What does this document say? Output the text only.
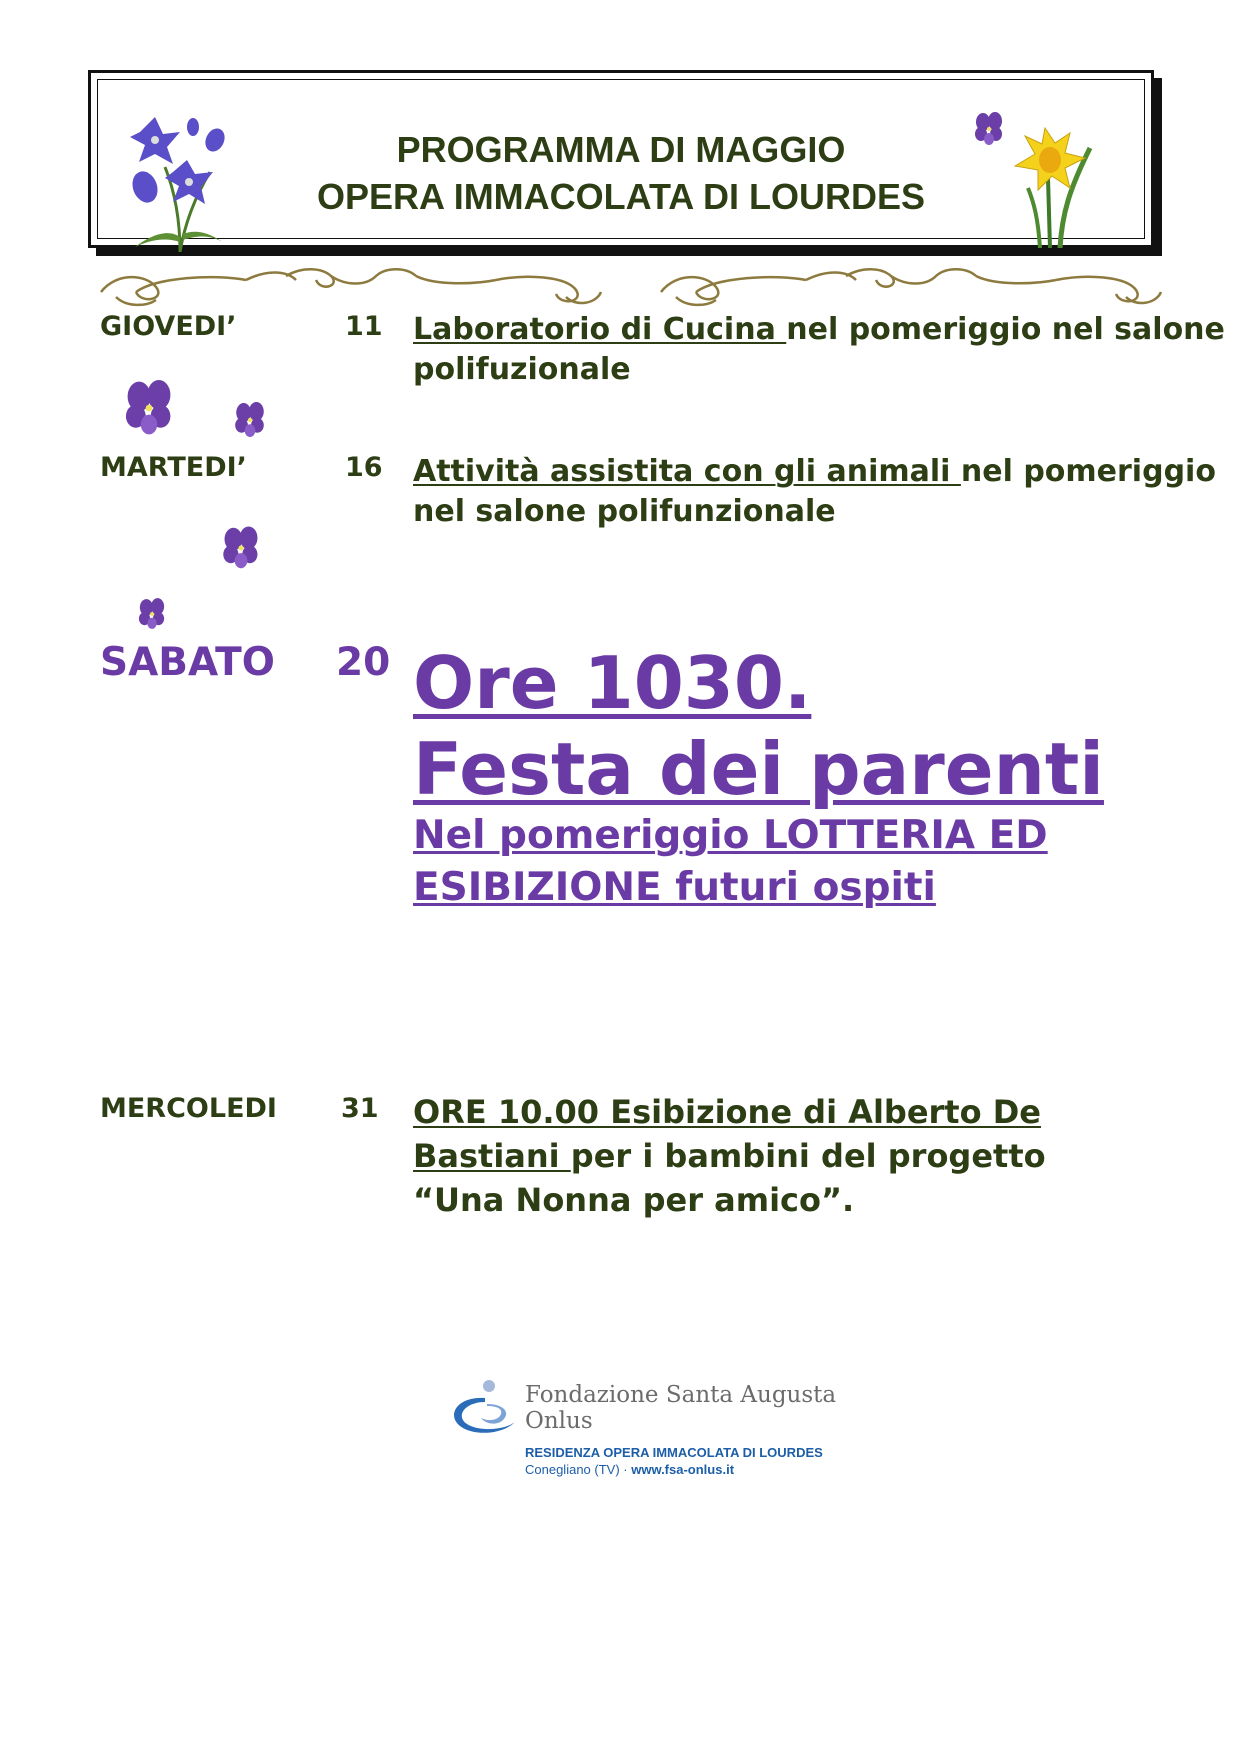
PROGRAMMA DI MAGGIO
OPERA IMMACOLATA DI LOURDES
GIOVEDI’	11 Laboratorio di Cucina nel pomeriggio nel salone
polifuzionale
MARTEDI’	16 Attività assistita con gli animali nel pomeriggio
nel salone polifunzionale
SABATO 20 Ore 1030.
Festa dei parenti
Nel pomeriggio LOTTERIA ED
ESIBIZIONE futuri ospiti
MERCOLEDI 31 ORE 10.00 Esibizione di Alberto De
Bastiani per i bambini del progetto
“Una Nonna per amico”.
Fondazione Santa Augusta
Onlus
RESIDENZA OPERA IMMACOLATA DI LOURDES
Conegliano (TV) · www.fsa-onlus.it
